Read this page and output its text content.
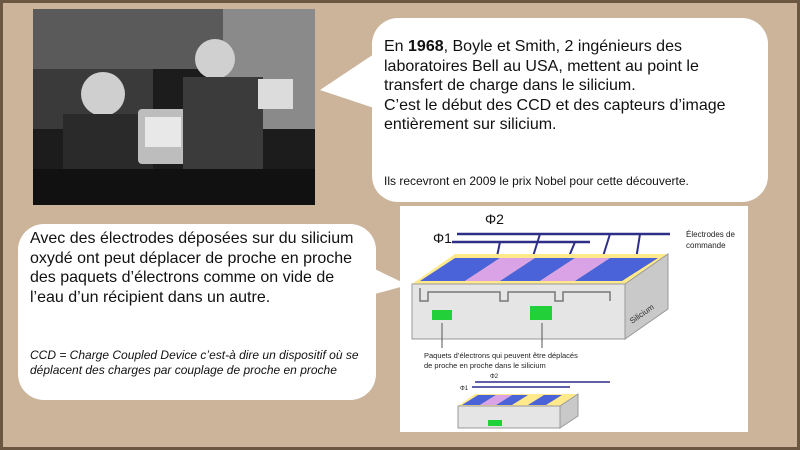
En 1968, Boyle et Smith, 2 ingénieurs des laboratoires Bell au USA, mettent au point le transfert de charge dans le silicium.
C’est le début des CCD et des capteurs d’image entièrement sur silicium.
Ils recevront en 2009 le prix Nobel pour cette découverte.
Avec des électrodes déposées sur du silicium oxydé ont peut déplacer de proche en proche des paquets d’électrons comme on vide de l’eau d’un récipient dans un autre.
CCD = Charge Coupled Device c’est-à dire un dispositif où se déplacent des charges par couplage de proche en proche
Φ1
Φ2
Électrodes de
commande
Silicium
Paquets d’électrons qui peuvent être déplacés
de proche en proche dans le silicium
Φ1
Φ2
